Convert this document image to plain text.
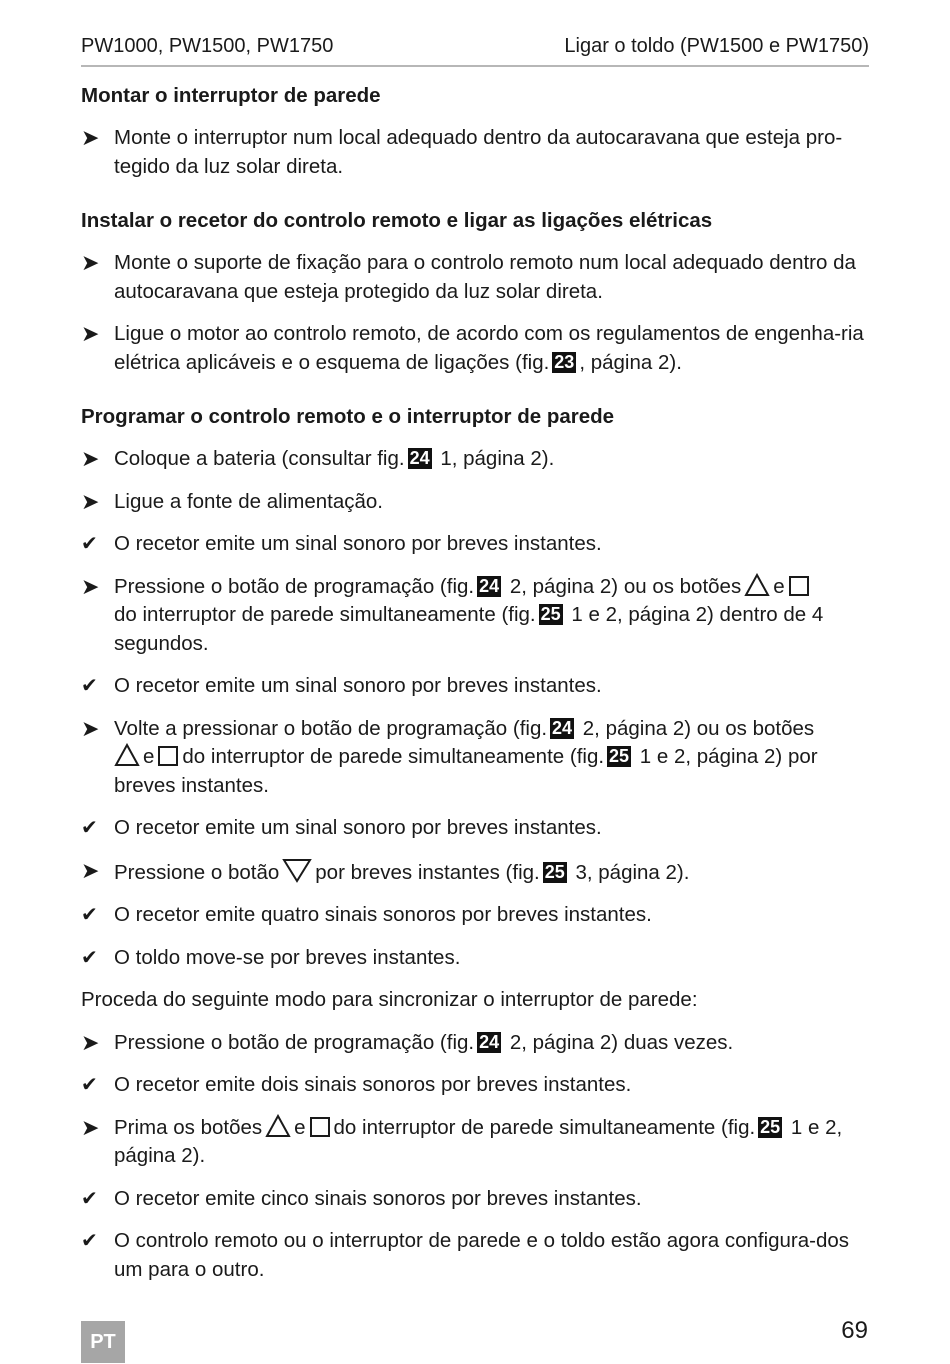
PW1000, PW1500, PW1750	Ligar o toldo (PW1500 e PW1750)
Montar o interruptor de parede
➤ Monte o interruptor num local adequado dentro da autocaravana que esteja pro-tegido da luz solar direta.

Instalar o recetor do controlo remoto e ligar as ligações elétricas
➤ Monte o suporte de fixação para o controlo remoto num local adequado dentro da autocaravana que esteja protegido da luz solar direta.

➤ Ligue o motor ao controlo remoto, de acordo com os regulamentos de engenha-ria elétrica aplicáveis e o esquema de ligações (fig. 23 , página 2).

Programar o controlo remoto e o interruptor de parede
➤ Coloque a bateria (consultar fig. 24 1, página 2).

➤ Ligue a fonte de alimentação.

✔ O recetor emite um sinal sonoro por breves instantes.

➤ Pressione o botão de programação (fig. 24 2, página 2) ou os botões e
do interruptor de parede simultaneamente (fig. 25 1 e 2, página 2) dentro de 4 segundos.

✔ O recetor emite um sinal sonoro por breves instantes.

➤ Volte a pressionar o botão de programação (fig. 24 2, página 2) ou os botões
e do interruptor de parede simultaneamente (fig. 25 1 e 2, página 2) por breves instantes.

✔ O recetor emite um sinal sonoro por breves instantes.

➤ Pressione o botão por breves instantes (fig. 25 3, página 2).

✔ O recetor emite quatro sinais sonoros por breves instantes.

✔ O toldo move-se por breves instantes.

Proceda do seguinte modo para sincronizar o interruptor de parede:

➤ Pressione o botão de programação (fig. 24 2, página 2) duas vezes.

✔ O recetor emite dois sinais sonoros por breves instantes.

➤ Prima os botões e do interruptor de parede simultaneamente (fig. 25 1 e 2, página 2).

✔ O recetor emite cinco sinais sonoros por breves instantes.

✔ O controlo remoto ou o interruptor de parede e o toldo estão agora configura-dos um para o outro.

PT	69
